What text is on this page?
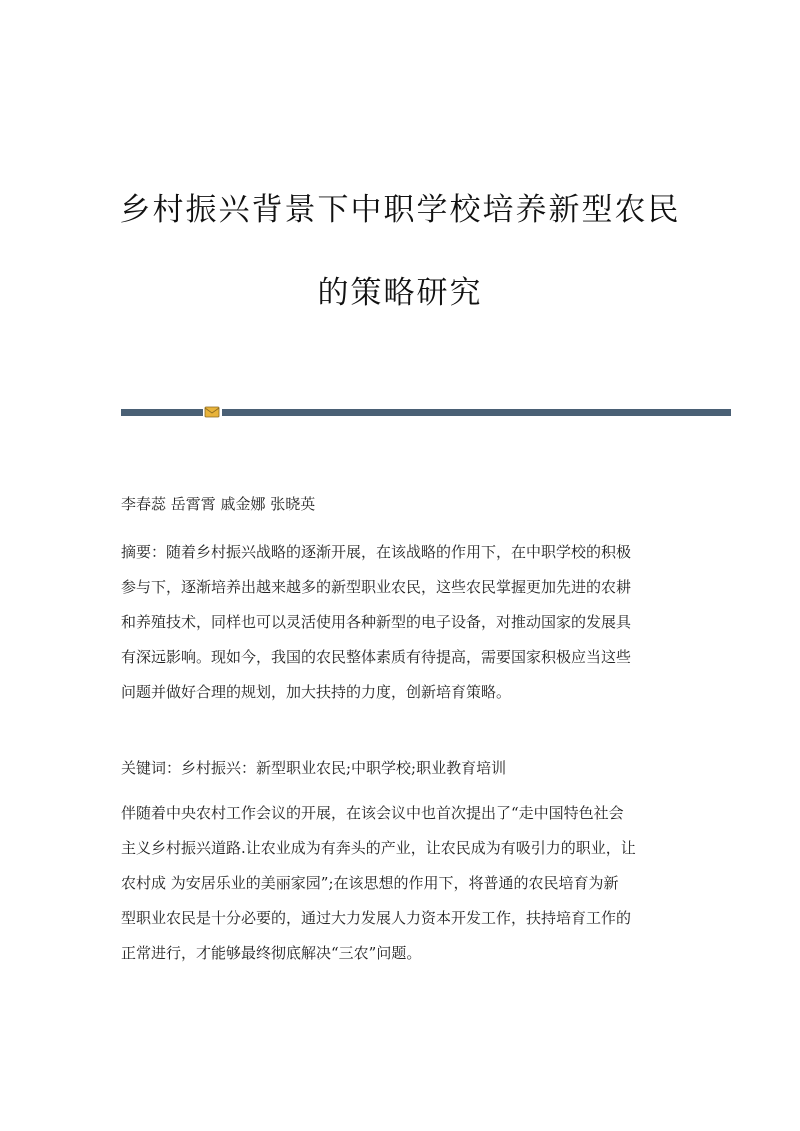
乡村振兴背景下中职学校培养新型农民
的策略研究
李春蕊 岳霄霄 戚金娜 张晓英
摘要：随着乡村振兴战略的逐渐开展，在该战略的作用下，在中职学校的积极
参与下，逐渐培养出越来越多的新型职业农民，这些农民掌握更加先进的农耕
和养殖技术，同样也可以灵活使用各种新型的电子设备，对推动国家的发展具
有深远影响。现如今，我国的农民整体素质有待提高，需要国家积极应当这些
问题并做好合理的规划，加大扶持的力度，创新培育策略。
关键词：乡村振兴：新型职业农民;中职学校;职业教育培训
伴随着中央农村工作会议的开展，在该会议中也首次提出了“走中国特色社会
主义乡村振兴道路.让农业成为有奔头的产业，让农民成为有吸引力的职业，让
农村成 为安居乐业的美丽家园”;在该思想的作用下，将普通的农民培育为新
型职业农民是十分必要的，通过大力发展人力资本开发工作，扶持培育工作的
正常进行，才能够最终彻底解决“三农”问题。
